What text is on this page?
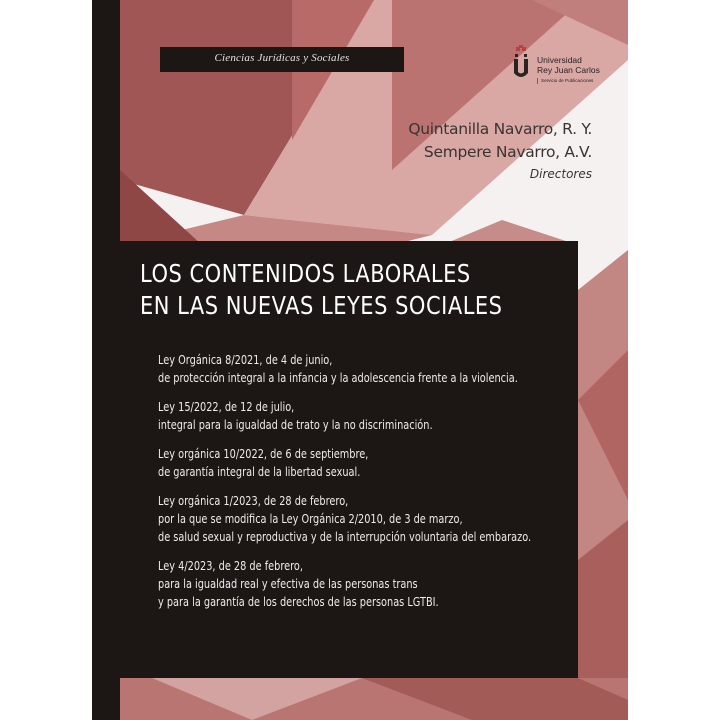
Ciencias Jurídicas y Sociales	Universidad
Rey Juan Carlos
Servicio de Publicaciones
Quintanilla Navarro, R. Y.
Sempere Navarro, A.V.
Directores
LOS CONTENIDOS LABORALES
EN LAS NUEVAS LEYES SOCIALES
Ley Orgánica 8/2021, de 4 de junio,
de protección integral a la infancia y la adolescencia frente a la violencia.
Ley 15/2022, de 12 de julio,
integral para la igualdad de trato y la no discriminación.
Ley orgánica 10/2022, de 6 de septiembre,
de garantía integral de la libertad sexual.
Ley orgánica 1/2023, de 28 de febrero,
por la que se modifica la Ley Orgánica 2/2010, de 3 de marzo,
de salud sexual y reproductiva y de la interrupción voluntaria del embarazo.
Ley 4/2023, de 28 de febrero,
para la igualdad real y efectiva de las personas trans
y para la garantía de los derechos de las personas LGTBI.
